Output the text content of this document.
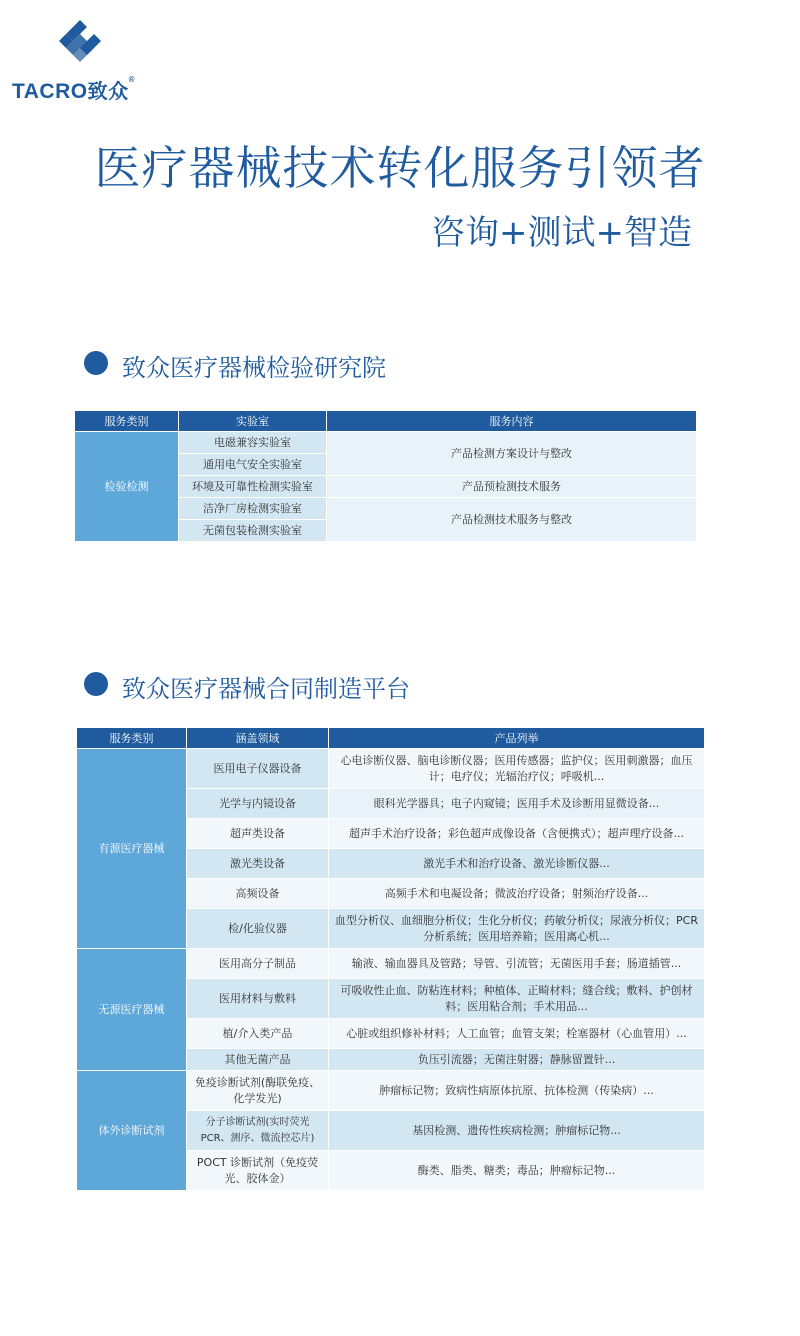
TACRO致众®
医疗器械技术转化服务引领者
咨询+测试+智造
致众医疗器械检验研究院
服务类别	实验室	服务内容
检验检测	电磁兼容实验室	产品检测方案设计与整改
	通用电气安全实验室	
	环境及可靠性检测实验室	产品预检测技术服务
	洁净厂房检测实验室	产品检测技术服务与整改
	无菌包装检测实验室	
致众医疗器械合同制造平台
服务类别	涵盖领域	产品列举
有源医疗器械	医用电子仪器设备	心电诊断仪器、脑电诊断仪器；医用传感器；监护仪；医用刺激器；血压计；电疗仪；光辐治疗仪；呼吸机...
	光学与内镜设备	眼科光学器具；电子内窥镜；医用手术及诊断用显微设备...
	超声类设备	超声手术治疗设备；彩色超声成像设备（含便携式）；超声理疗设备...
	激光类设备	激光手术和治疗设备、激光诊断仪器...
	高频设备	高频手术和电凝设备；微波治疗设备；射频治疗设备...
	检/化验仪器	血型分析仪、血细胞分析仪；生化分析仪；药敏分析仪；尿液分析仪；PCR 分析系统；医用培养箱；医用离心机...
无源医疗器械	医用高分子制品	输液、输血器具及管路；导管、引流管；无菌医用手套；肠道插管...
	医用材料与敷料	可吸收性止血、防粘连材料；种植体、正畸材料；缝合线；敷料、护创材料；医用粘合剂；手术用品...
	植/介入类产品	心脏或组织修补材料；人工血管；血管支架；栓塞器材（心血管用）...
	其他无菌产品	负压引流器；无菌注射器；静脉留置针...
体外诊断试剂	免疫诊断试剂(酶联免疫、化学发光)	肿瘤标记物；致病性病原体抗原、抗体检测（传染病）...
	分子诊断试剂(实时荧光 PCR、测序、微流控芯片)	基因检测、遗传性疾病检测；肿瘤标记物...
	POCT 诊断试剂（免疫荧光、胶体金）	酶类、脂类、糖类；毒品；肿瘤标记物...
